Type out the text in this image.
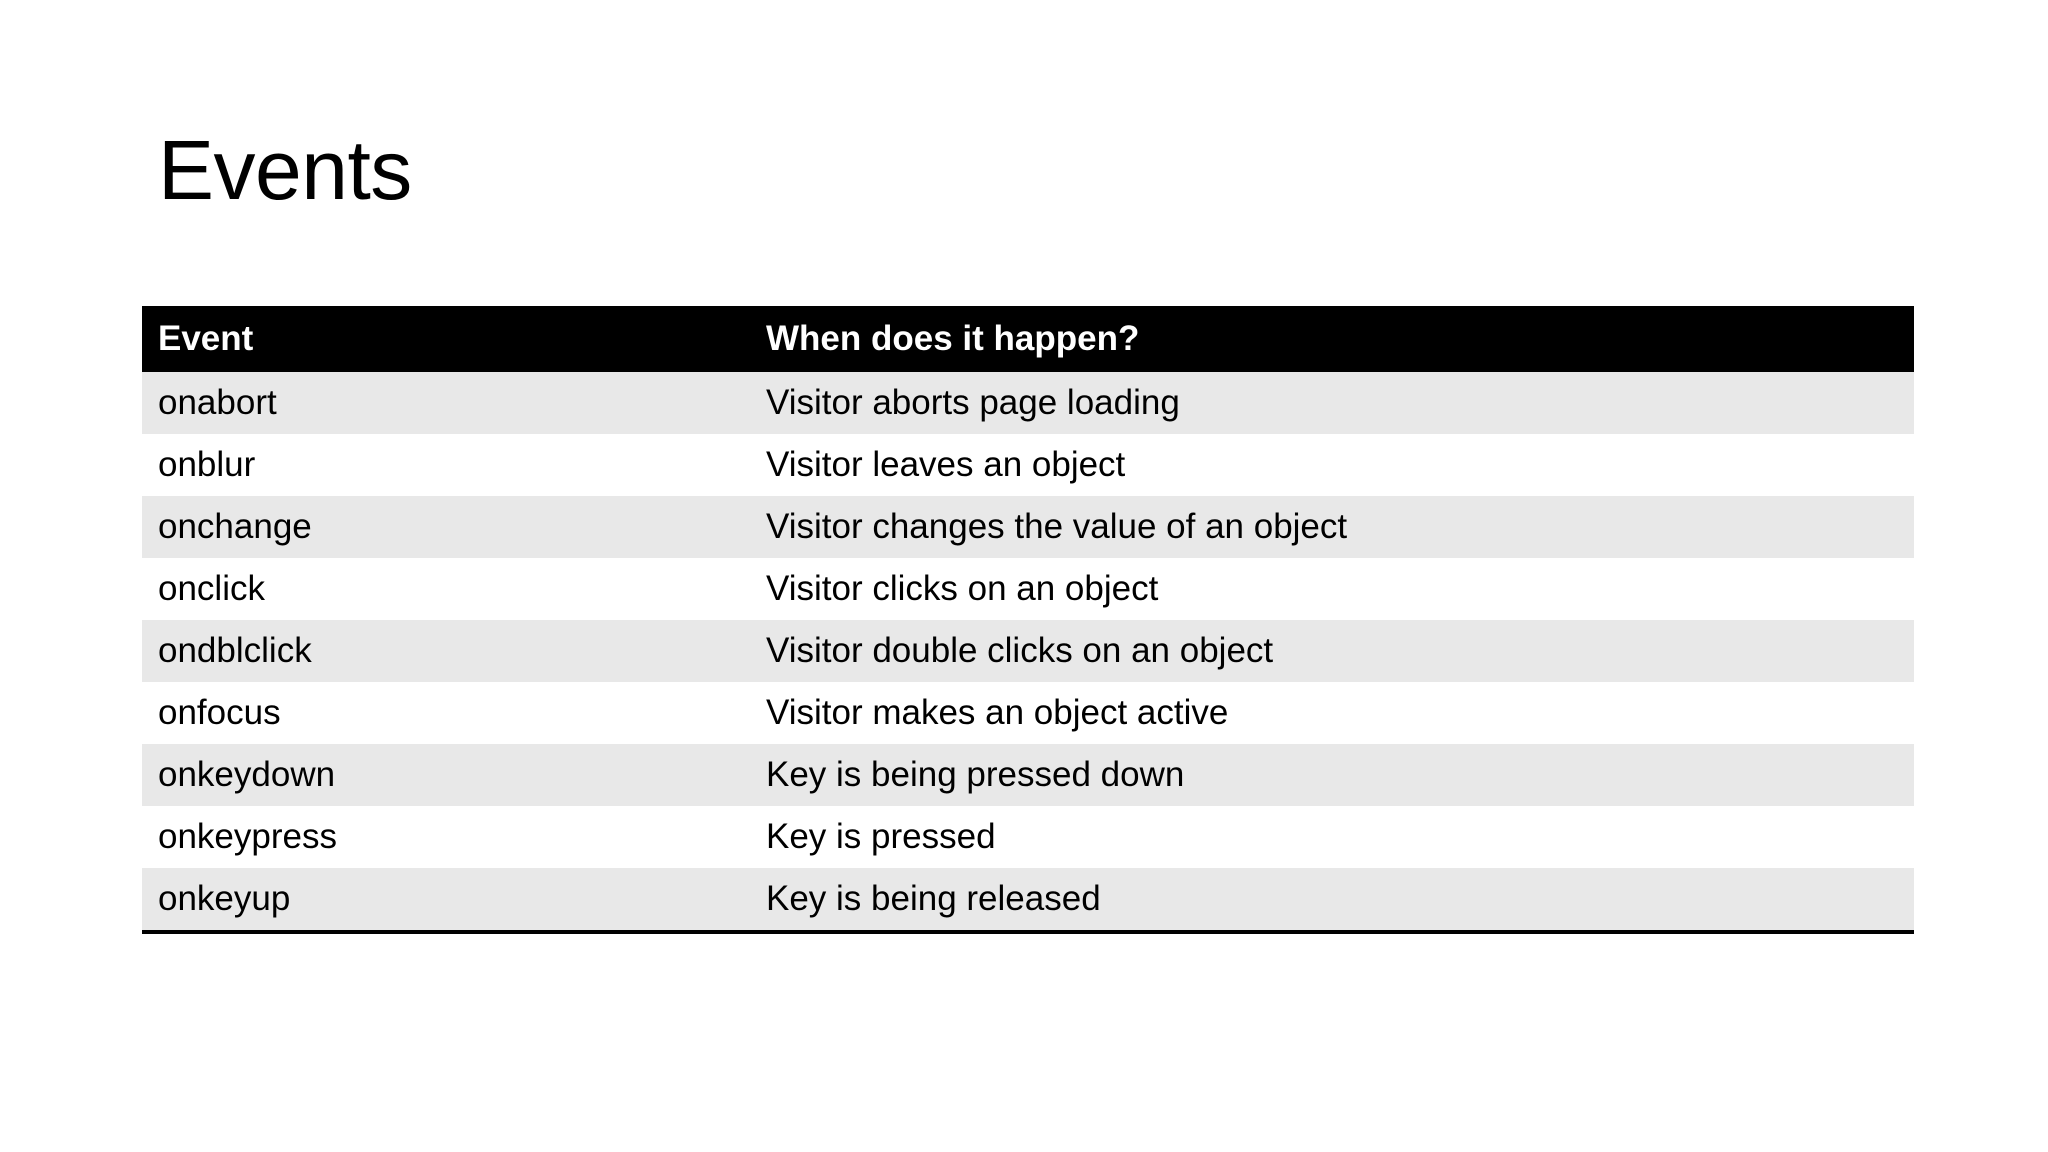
Events
Event	When does it happen?
onabort	Visitor aborts page loading
onblur	Visitor leaves an object
onchange	Visitor changes the value of an object
onclick	Visitor clicks on an object
ondblclick	Visitor double clicks on an object
onfocus	Visitor makes an object active
onkeydown	Key is being pressed down
onkeypress	Key is pressed
onkeyup	Key is being released
